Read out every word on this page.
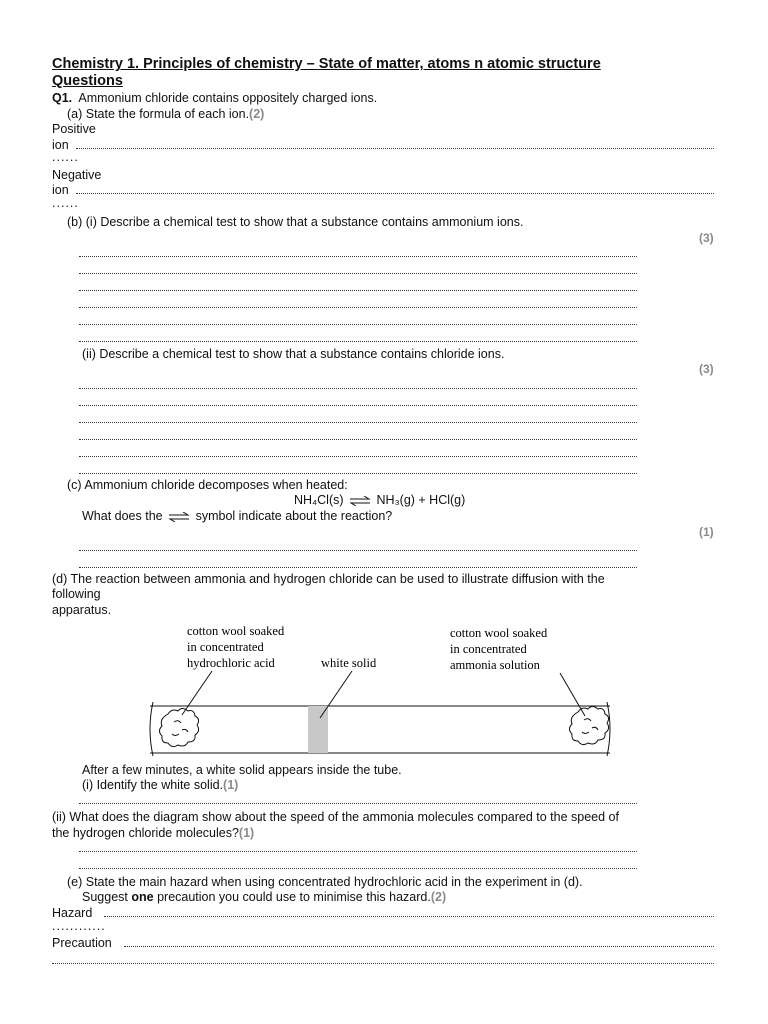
Chemistry 1. Principles of chemistry – State of matter, atoms n atomic structure
Questions
Q1. Ammonium chloride contains oppositely charged ions.
(a) State the formula of each ion.(2)
Positive
ion
......
Negative
ion
......
(b) (i) Describe a chemical test to show that a substance contains ammonium ions.
(3)
(ii) Describe a chemical test to show that a substance contains chloride ions.
(3)
(c) Ammonium chloride decomposes when heated:
NH₄Cl(s) ⇌ NH₃(g) + HCl(g)
What does the ⇌ symbol indicate about the reaction?
(1)
(d) The reaction between ammonia and hydrogen chloride can be used to illustrate diffusion with the
following
apparatus.
cotton wool soaked
in concentrated
hydrochloric acid	white solid
cotton wool soaked
in concentrated
ammonia solution
After a few minutes, a white solid appears inside the tube.
(i) Identify the white solid.(1)
(ii) What does the diagram show about the speed of the ammonia molecules compared to the speed of
the hydrogen chloride molecules?(1)
(e) State the main hazard when using concentrated hydrochloric acid in the experiment in (d).
Suggest one precaution you could use to minimise this hazard.(2)
Hazard
............
Precaution
